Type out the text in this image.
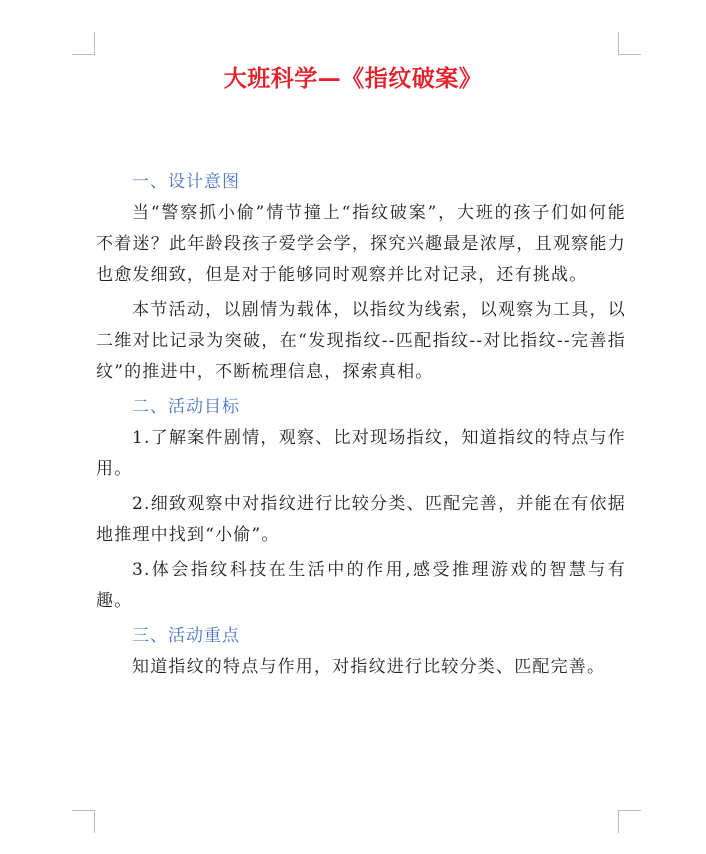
大班科学—《指纹破案》
一、设计意图

当“警察抓小偷”情节撞上“指纹破案”，大班的孩子们如何能不着迷？此年龄段孩子爱学会学，探究兴趣最是浓厚，且观察能力也愈发细致，但是对于能够同时观察并比对记录，还有挑战。

本节活动，以剧情为载体，以指纹为线索，以观察为工具，以二维对比记录为突破，在“发现指纹--匹配指纹--对比指纹--完善指纹”的推进中，不断梳理信息，探索真相。

二、活动目标

1.了解案件剧情，观察、比对现场指纹，知道指纹的特点与作用。

2.细致观察中对指纹进行比较分类、匹配完善，并能在有依据地推理中找到“小偷”。

3.体会指纹科技在生活中的作用,感受推理游戏的智慧与有趣。

三、活动重点

知道指纹的特点与作用，对指纹进行比较分类、匹配完善。
